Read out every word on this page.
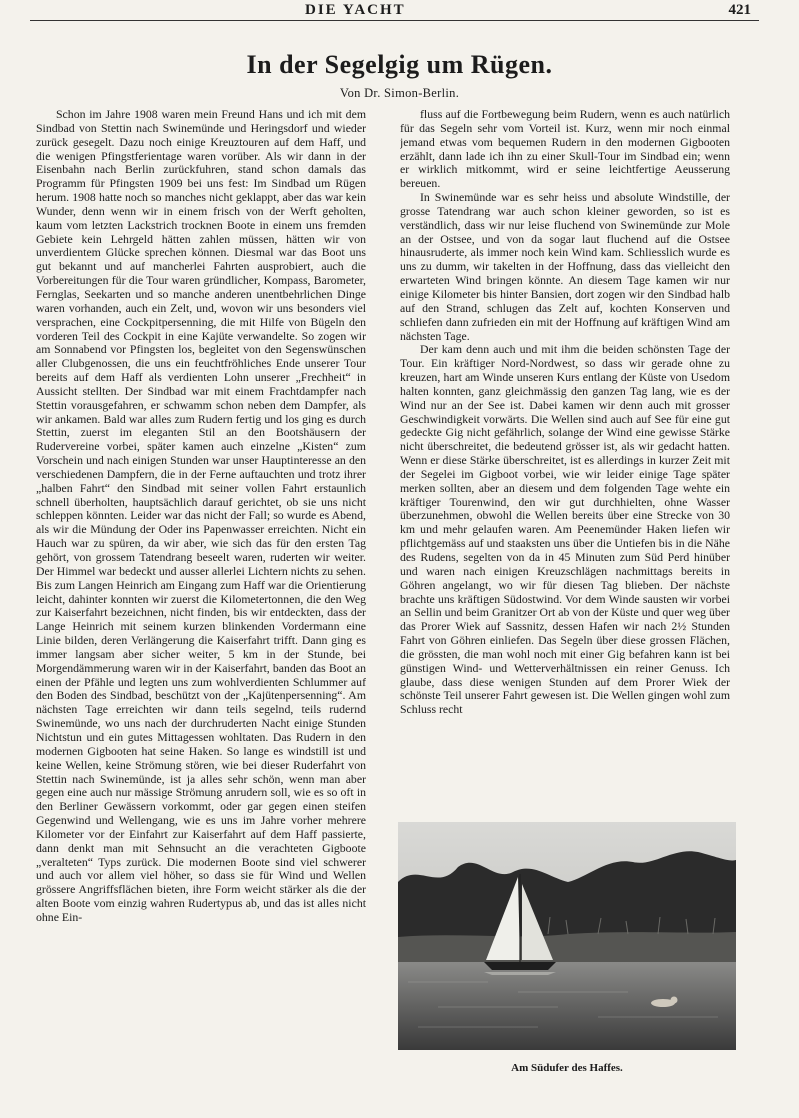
DIE YACHT	421
In der Segelgig um Rügen.
Von Dr. Simon-Berlin.

Schon im Jahre 1908 waren mein Freund Hans und ich mit dem Sindbad von Stettin nach Swinemünde und Heringsdorf und wieder zurück gesegelt. Dazu noch einige Kreuztouren auf dem Haff, und die wenigen Pfingstferientage waren vorüber. Als wir dann in der Eisenbahn nach Berlin zurückfuhren, stand schon damals das Programm für Pfingsten 1909 bei uns fest: Im Sindbad um Rügen herum. 1908 hatte noch so manches nicht geklappt, aber das war kein Wunder, denn wenn wir in einem frisch von der Werft geholten, kaum vom letzten Lackstrich trocknen Boote in einem uns fremden Gebiete kein Lehrgeld hätten zahlen müssen, hätten wir von unverdientem Glücke sprechen können. Diesmal war das Boot uns gut bekannt und auf mancherlei Fahrten ausprobiert, auch die Vorbereitungen für die Tour waren gründlicher, Kompass, Barometer, Fernglas, Seekarten und so manche anderen unentbehrlichen Dinge waren vorhanden, auch ein Zelt, und, wovon wir uns besonders viel versprachen, eine Cockpitpersenning, die mit Hilfe von Bügeln den vorderen Teil des Cockpit in eine Kajüte verwandelte. So zogen wir am Sonnabend vor Pfingsten los, begleitet von den Segenswünschen aller Clubgenossen, die uns ein feuchtfröhliches Ende unserer Tour bereits auf dem Haff als verdienten Lohn unserer „Frechheit“ in Aussicht stellten. Der Sindbad war mit einem Frachtdampfer nach Stettin vorausgefahren, er schwamm schon neben dem Dampfer, als wir ankamen. Bald war alles zum Rudern fertig und los ging es durch Stettin, zuerst im eleganten Stil an den Bootshäusern der Rudervereine vorbei, später kamen auch einzelne „Kisten“ zum Vorschein und nach einigen Stunden war unser Hauptinteresse an den verschiedenen Dampfern, die in der Ferne auftauchten und trotz ihrer „halben Fahrt“ den Sindbad mit seiner vollen Fahrt erstaunlich schnell überholten, hauptsächlich darauf gerichtet, ob sie uns nicht schleppen könnten. Leider war das nicht der Fall; so wurde es Abend, als wir die Mündung der Oder ins Papenwasser erreichten. Nicht ein Hauch war zu spüren, da wir aber, wie sich das für den ersten Tag gehört, von grossem Tatendrang beseelt waren, ruderten wir weiter. Der Himmel war bedeckt und ausser allerlei Lichtern nichts zu sehen. Bis zum Langen Heinrich am Eingang zum Haff war die Orientierung leicht, dahinter konnten wir zuerst die Kilometertonnen, die den Weg zur Kaiserfahrt bezeichnen, nicht finden, bis wir entdeckten, dass der Lange Heinrich mit seinem kurzen blinkenden Vordermann eine Linie bilden, deren Verlängerung die Kaiserfahrt trifft. Dann ging es immer langsam aber sicher weiter, 5 km in der Stunde, bei Morgendämmerung waren wir in der Kaiserfahrt, banden das Boot an einen der Pfähle und legten uns zum wohlverdienten Schlummer auf den Boden des Sindbad, beschützt von der „Kajütenpersenning“. Am nächsten Tage erreichten wir dann teils segelnd, teils rudernd Swinemünde, wo uns nach der durchruderten Nacht einige Stunden Nichtstun und ein gutes Mittagessen wohltaten. Das Rudern in den modernen Gigbooten hat seine Haken. So lange es windstill ist und keine Wellen, keine Strömung stören, wie bei dieser Ruderfahrt von Stettin nach Swinemünde, ist ja alles sehr schön, wenn man aber gegen eine auch nur mässige Strömung anrudern soll, wie es so oft in den Berliner Gewässern vorkommt, oder gar gegen einen steifen Gegenwind und Wellengang, wie es uns im Jahre vorher mehrere Kilometer vor der Einfahrt zur Kaiserfahrt auf dem Haff passierte, dann denkt man mit Sehnsucht an die verachteten Gigboote „veralteten“ Typs zurück. Die modernen Boote sind viel schwerer und auch vor allem viel höher, so dass sie für Wind und Wellen grössere Angriffsflächen bieten, ihre Form weicht stärker als die der alten Boote vom einzig wahren Rudertypus ab, und das ist alles nicht ohne Ein-

fluss auf die Fortbewegung beim Rudern, wenn es auch natürlich für das Segeln sehr vom Vorteil ist. Kurz, wenn mir noch einmal jemand etwas vom bequemen Rudern in den modernen Gigbooten erzählt, dann lade ich ihn zu einer Skull-Tour im Sindbad ein; wenn er wirklich mitkommt, wird er seine leichtfertige Aeusserung bereuen.

In Swinemünde war es sehr heiss und absolute Windstille, der grosse Tatendrang war auch schon kleiner geworden, so ist es verständlich, dass wir nur leise fluchend von Swinemünde zur Mole an der Ostsee, und von da sogar laut fluchend auf die Ostsee hinausruderte, als immer noch kein Wind kam. Schliesslich wurde es uns zu dumm, wir takelten in der Hoffnung, dass das vielleicht den erwarteten Wind bringen könnte. An diesem Tage kamen wir nur einige Kilometer bis hinter Bansien, dort zogen wir den Sindbad halb auf den Strand, schlugen das Zelt auf, kochten Konserven und schliefen dann zufrieden ein mit der Hoffnung auf kräftigen Wind am nächsten Tage.

Der kam denn auch und mit ihm die beiden schönsten Tage der Tour. Ein kräftiger Nord-Nordwest, so dass wir gerade ohne zu kreuzen, hart am Winde unseren Kurs entlang der Küste von Usedom halten konnten, ganz gleichmässig den ganzen Tag lang, wie es der Wind nur an der See ist. Dabei kamen wir denn auch mit grosser Geschwindigkeit vorwärts. Die Wellen sind auch auf See für eine gut gedeckte Gig nicht gefährlich, solange der Wind eine gewisse Stärke nicht überschreitet, die bedeutend grösser ist, als wir gedacht hatten. Wenn er diese Stärke überschreitet, ist es allerdings in kurzer Zeit mit der Segelei im Gigboot vorbei, wie wir leider einige Tage später merken sollten, aber an diesem und dem folgenden Tage wehte ein kräftiger Tourenwind, den wir gut durchhielten, ohne Wasser überzunehmen, obwohl die Wellen bereits über eine Strecke von 30 km und mehr gelaufen waren. Am Peenemünder Haken liefen wir pflichtgemäss auf und staaksten uns über die Untiefen bis in die Nähe des Rudens, segelten von da in 45 Minuten zum Süd Perd hinüber und waren nach einigen Kreuzschlägen nachmittags bereits in Göhren angelangt, wo wir für diesen Tag blieben. Der nächste brachte uns kräftigen Südostwind. Vor dem Winde sausten wir vorbei an Sellin und beim Granitzer Ort ab von der Küste und quer weg über das Prorer Wiek auf Sassnitz, dessen Hafen wir nach 2½ Stunden Fahrt von Göhren einliefen. Das Segeln über diese grossen Flächen, die grössten, die man wohl noch mit einer Gig befahren kann ist bei günstigen Wind- und Wetterverhältnissen ein reiner Genuss. Ich glaube, dass diese wenigen Stunden auf dem Prorer Wiek der schönste Teil unserer Fahrt gewesen ist. Die Wellen gingen wohl zum Schluss recht

Am Südufer des Haffes.
